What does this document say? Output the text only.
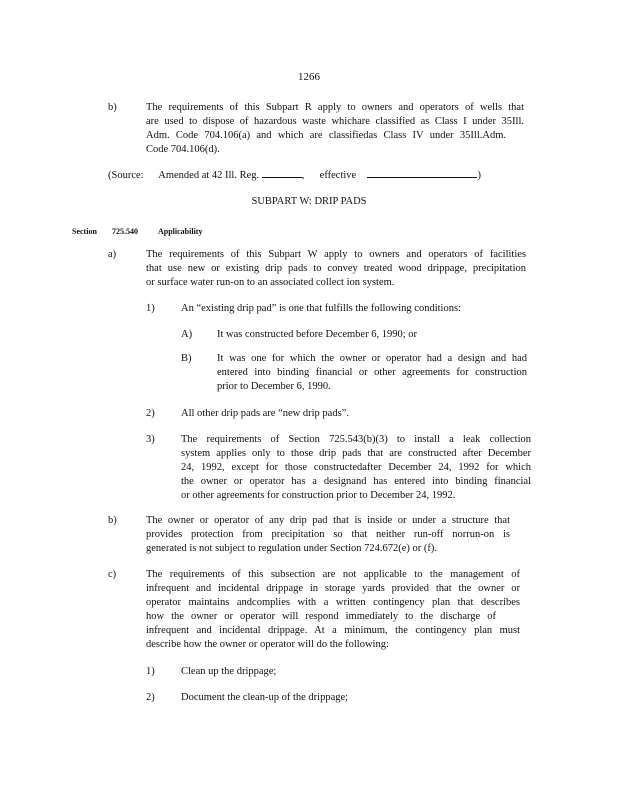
1266
b)	The requirements of this Subpart R apply to owners and operators of wells that
are used to dispose of hazardous waste whichare classified as Class I under 35Ill.
Adm. Code 704.106(a) and which are classifiedas Class IV under 35Ill.Adm.
Code 704.106(d).
(Source: Amended at 42 Ill. Reg.	, effective	)
SUBPART W: DRIP PADS
Section 725.540	Applicability
a)	The requirements of this Subpart W apply to owners and operators of facilities
that use new or existing drip pads to convey treated wood drippage, precipitation
or surface water run-on to an associated collect ion system.
1)	An “existing drip pad” is one that fulfills the following conditions:
A) It was constructed before December 6, 1990; or
B) It was one for which the owner or operator had a design and had
entered into binding financial or other agreements for construction
prior to December 6, 1990.
2)	All other drip pads are “new drip pads”.
3)	The requirements of Section 725.543(b)(3) to install a leak collection
system applies only to those drip pads that are constructed after December
24, 1992, except for those constructedafter December 24, 1992 for which
the owner or operator has a designand has entered into binding financial
or other agreements for construction prior to December 24, 1992.
b)	The owner or operator of any drip pad that is inside or under a structure that
provides protection from precipitation so that neither run-off norrun-on is
generated is not subject to regulation under Section 724.672(e) or (f).
c)	The requirements of this subsection are not applicable to the management of
infrequent and incidental drippage in storage yards provided that the owner or
operator maintains andcomplies with a written contingency plan that describes
how the owner or operator will respond immediately to the discharge of
infrequent and incidental drippage. At a minimum, the contingency plan must
describe how the owner or operator will do the following:
1)	Clean up the drippage;
2)	Document the clean-up of the drippage;
